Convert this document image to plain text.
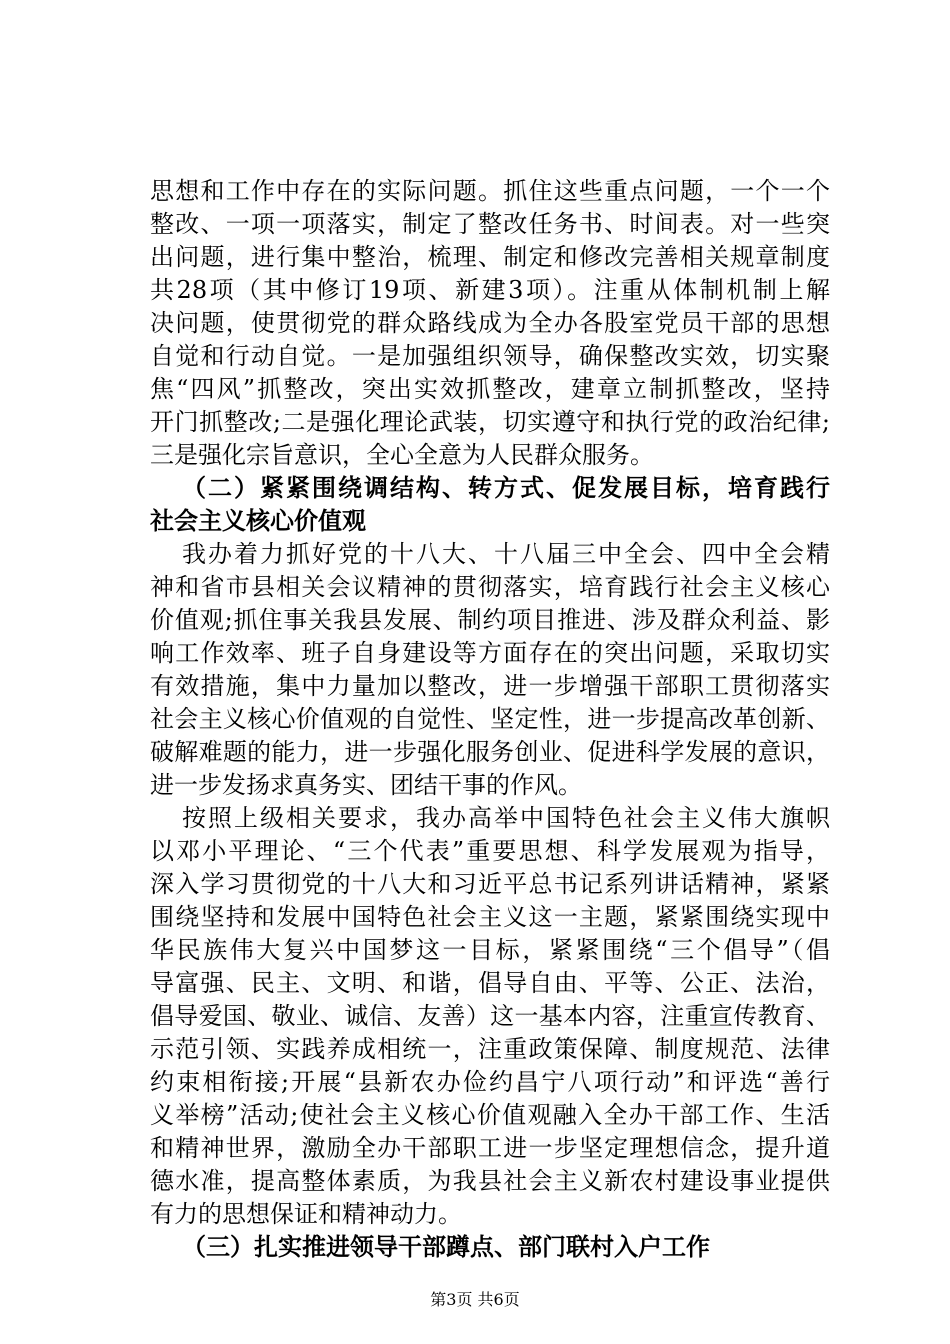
思想和工作中存在的实际问题。抓住这些重点问题，一个一个
整改、一项一项落实，制定了整改任务书、时间表。对一些突
出问题，进行集中整治，梳理、制定和修改完善相关规章制度
共28项（其中修订19项、新建3项）。注重从体制机制上解
决问题，使贯彻党的群众路线成为全办各股室党员干部的思想
自觉和行动自觉。一是加强组织领导，确保整改实效，切实聚
焦“四风”抓整改，突出实效抓整改，建章立制抓整改，坚持
开门抓整改;二是强化理论武装，切实遵守和执行党的政治纪律;
三是强化宗旨意识，全心全意为人民群众服务。
（二）紧紧围绕调结构、转方式、促发展目标，培育践行
社会主义核心价值观
我办着力抓好党的十八大、十八届三中全会、四中全会精
神和省市县相关会议精神的贯彻落实，培育践行社会主义核心
价值观;抓住事关我县发展、制约项目推进、涉及群众利益、影
响工作效率、班子自身建设等方面存在的突出问题，采取切实
有效措施，集中力量加以整改，进一步增强干部职工贯彻落实
社会主义核心价值观的自觉性、坚定性，进一步提高改革创新、
破解难题的能力，进一步强化服务创业、促进科学发展的意识，
进一步发扬求真务实、团结干事的作风。
按照上级相关要求，我办高举中国特色社会主义伟大旗帜
以邓小平理论、“三个代表”重要思想、科学发展观为指导，
深入学习贯彻党的十八大和习近平总书记系列讲话精神，紧紧
围绕坚持和发展中国特色社会主义这一主题，紧紧围绕实现中
华民族伟大复兴中国梦这一目标，紧紧围绕“三个倡导”（倡
导富强、民主、文明、和谐，倡导自由、平等、公正、法治，
倡导爱国、敬业、诚信、友善）这一基本内容，注重宣传教育、
示范引领、实践养成相统一，注重政策保障、制度规范、法律
约束相衔接;开展“县新农办俭约昌宁八项行动”和评选“善行
义举榜”活动;使社会主义核心价值观融入全办干部工作、生活
和精神世界，激励全办干部职工进一步坚定理想信念，提升道
德水准，提高整体素质，为我县社会主义新农村建设事业提供
有力的思想保证和精神动力。
（三）扎实推进领导干部蹲点、部门联村入户工作
第3页 共6页
